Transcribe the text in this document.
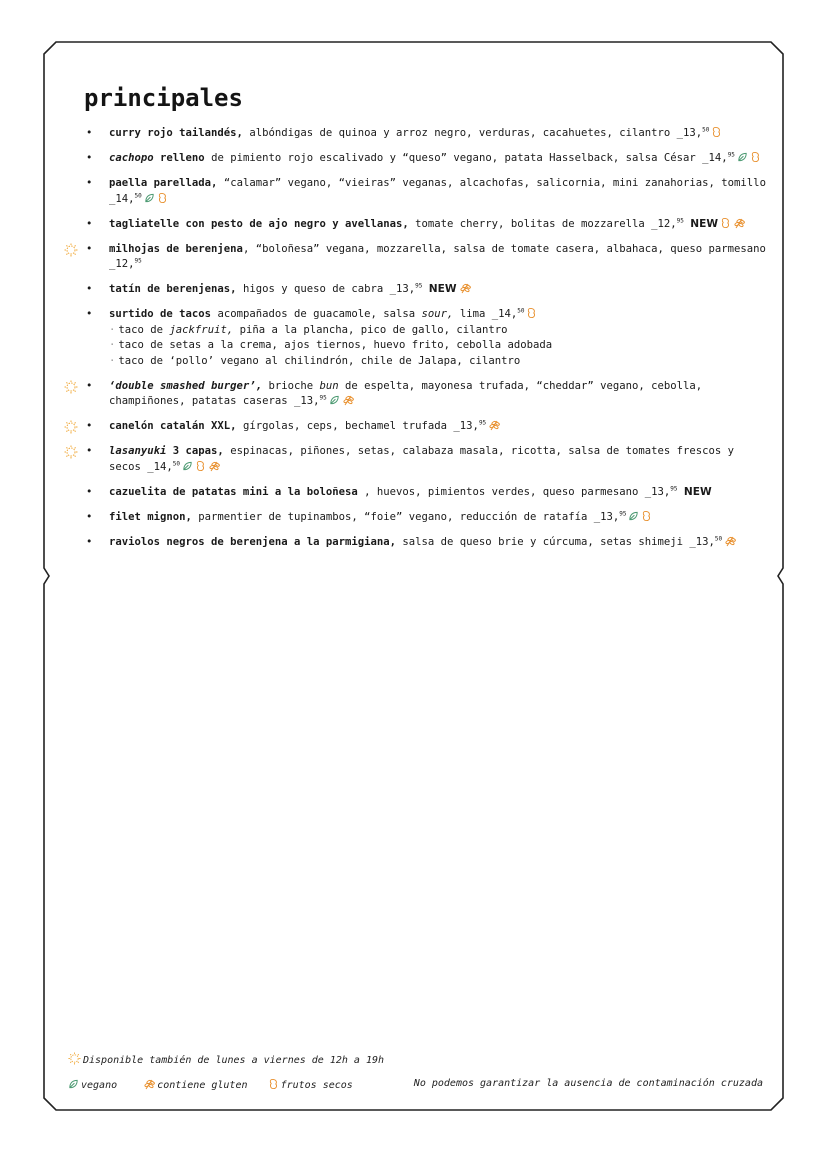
principales
• curry rojo tailandés, albóndigas de quinoa y arroz negro, verduras, cacahuetes, cilantro _13,50
• cachopo relleno de pimiento rojo escalivado y “queso” vegano, patata Hasselback, salsa César _14,95
• paella parellada, “calamar” vegano, “vieiras” veganas, alcachofas, salicornia, mini zanahorias, tomillo _14,50
• tagliatelle con pesto de ajo negro y avellanas, tomate cherry, bolitas de mozzarella _12,95 NEW
• milhojas de berenjena, “boloñesa” vegana, mozzarella, salsa de tomate casera, albahaca, queso parmesano _12,95
• tatín de berenjenas, higos y queso de cabra _13,95 NEW
• surtido de tacos acompañados de guacamole, salsa sour, lima _14,50
· taco de jackfruit, piña a la plancha, pico de gallo, cilantro
· taco de setas a la crema, ajos tiernos, huevo frito, cebolla adobada
· taco de ‘pollo’ vegano al chilindrón, chile de Jalapa, cilantro
• ‘double smashed burger’, brioche bun de espelta, mayonesa trufada, “cheddar” vegano, cebolla, champiñones, patatas caseras _13,95
• canelón catalán XXL, gírgolas, ceps, bechamel trufada _13,95
• lasanyuki 3 capas, espinacas, piñones, setas, calabaza masala, ricotta, salsa de tomates frescos y secos _14,50
• cazuelita de patatas mini a la boloñesa , huevos, pimientos verdes, queso parmesano _13,95 NEW
• filet mignon, parmentier de tupinambos, “foie” vegano, reducción de ratafía _13,95
• raviolos negros de berenjena a la parmigiana, salsa de queso brie y cúrcuma, setas shimeji _13,50
Disponible también de lunes a viernes de 12h a 19h
vegano	contiene gluten	frutos secos	No podemos garantizar la ausencia de contaminación cruzada
